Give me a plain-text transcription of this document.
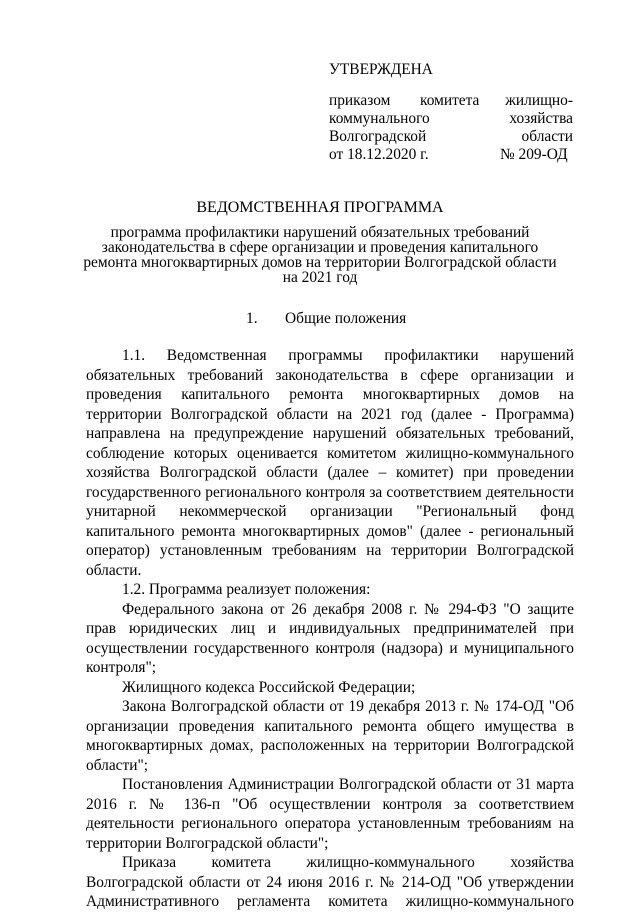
УТВЕРЖДЕНА
приказом комитета жилищно-
коммунального	хозяйства
Волгоградской	области
от 18.12.2020 г.	№ 209-ОД
ВЕДОМСТВЕННАЯ ПРОГРАММА
программа профилактики нарушений обязательных требований
законодательства в сфере организации и проведения капитального
ремонта многоквартирных домов на территории Волгоградской области
на 2021 год
1. Общие положения

1.1. Ведомственная программы профилактики нарушений обязательных требований законодательства в сфере организации и проведения капитального ремонта многоквартирных домов на территории Волгоградской области на 2021 год (далее - Программа) направлена на предупреждение нарушений обязательных требований, соблюдение которых оценивается комитетом жилищно-коммунального хозяйства Волгоградской области (далее – комитет) при проведении государственного регионального контроля за соответствием деятельности унитарной некоммерческой организации "Региональный фонд капитального ремонта многоквартирных домов" (далее - региональный оператор) установленным требованиям на территории Волгоградской области.

1.2. Программа реализует положения:

Федерального закона от 26 декабря 2008 г. № 294-ФЗ "О защите прав юридических лиц и индивидуальных предпринимателей при осуществлении государственного контроля (надзора) и муниципального контроля";

Жилищного кодекса Российской Федерации;

Закона Волгоградской области от 19 декабря 2013 г. № 174-ОД "Об организации проведения капитального ремонта общего имущества в многоквартирных домах, расположенных на территории Волгоградской области";

Постановления Администрации Волгоградской области от 31 марта 2016 г. № 136-п "Об осуществлении контроля за соответствием деятельности регионального оператора установленным требованиям на территории Волгоградской области";

Приказа комитета жилищно-коммунального хозяйства Волгоградской области от 24 июня 2016 г. № 214-ОД "Об утверждении Административного регламента комитета жилищно-коммунального
